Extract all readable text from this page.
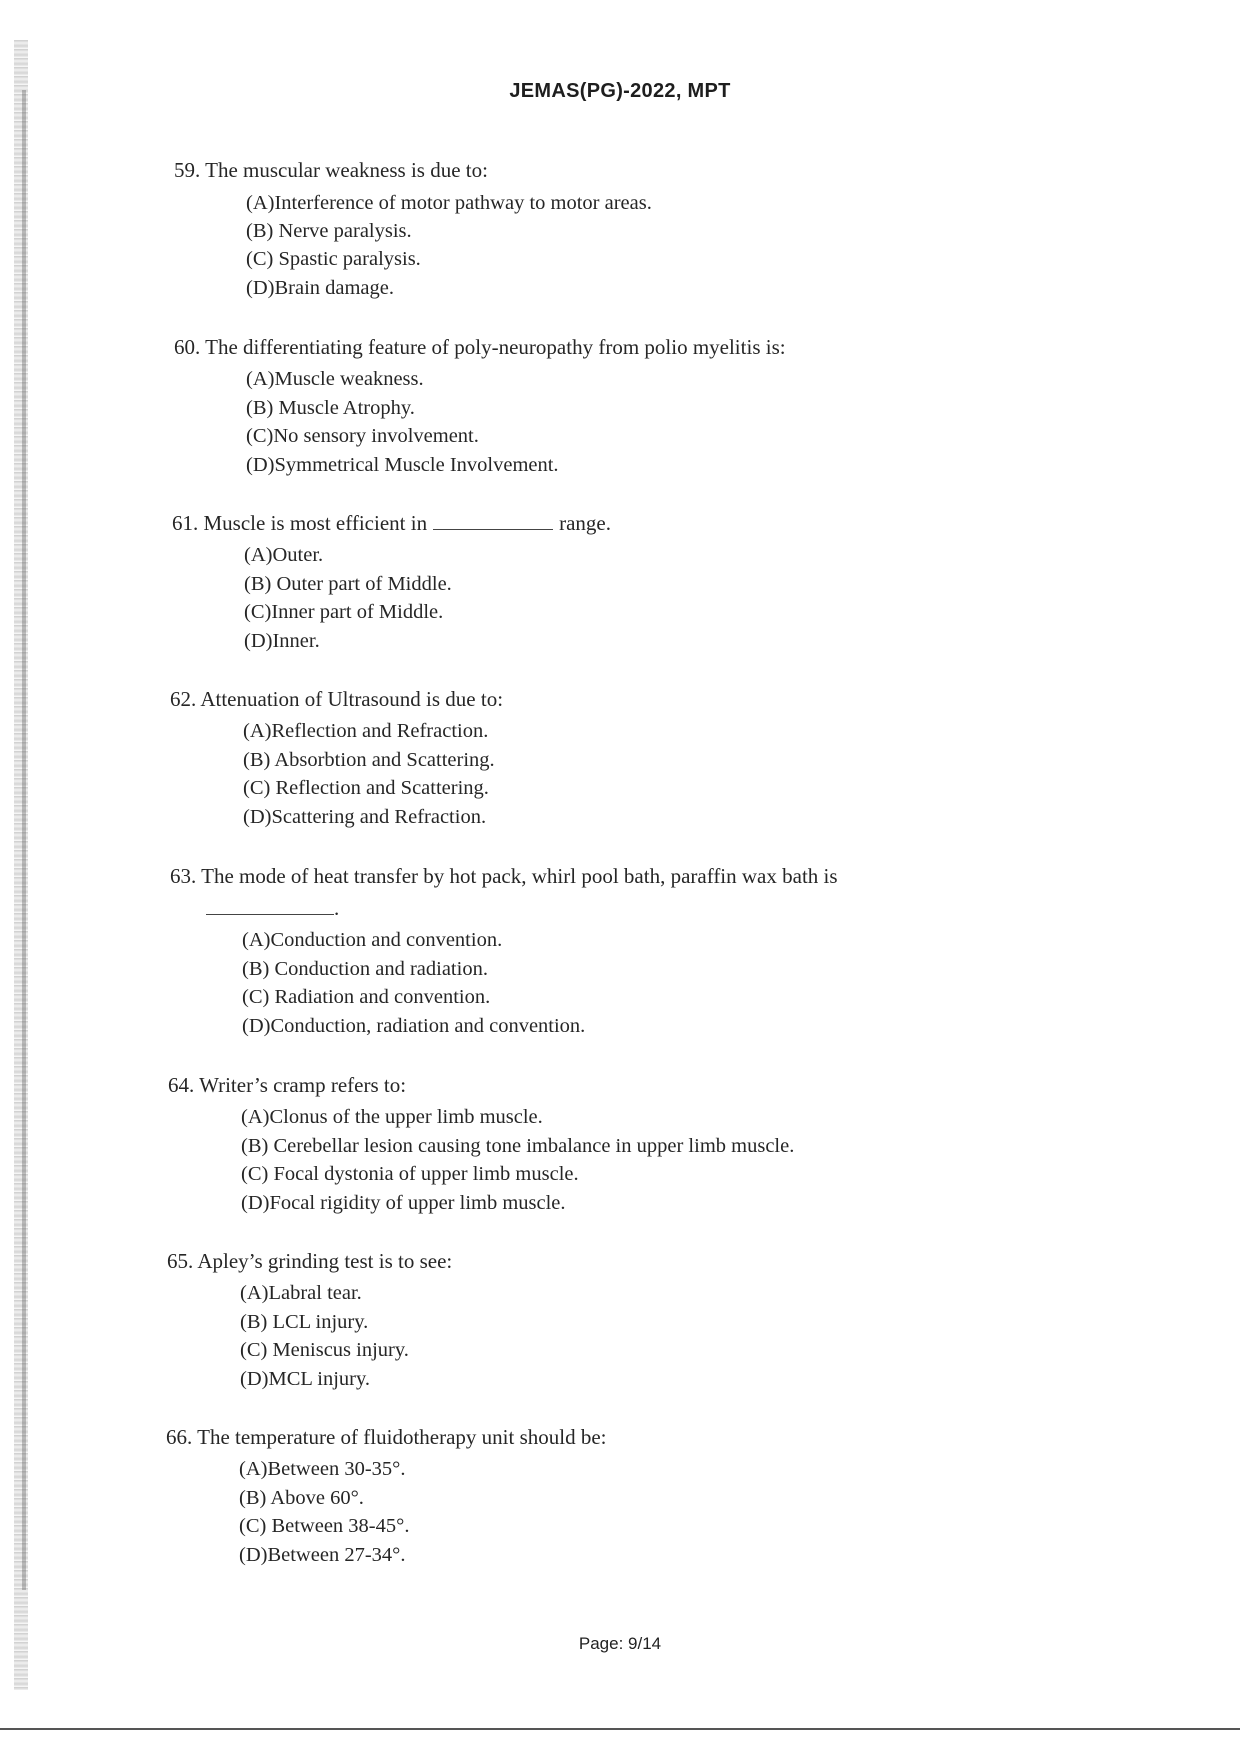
JEMAS(PG)-2022, MPT
59. The muscular weakness is due to:
(A)Interference of motor pathway to motor areas.
(B) Nerve paralysis.
(C) Spastic paralysis.
(D)Brain damage.
60. The differentiating feature of poly-neuropathy from polio myelitis is:
(A)Muscle weakness.
(B) Muscle Atrophy.
(C)No sensory involvement.
(D)Symmetrical Muscle Involvement.
61. Muscle is most efficient in	range.
(A)Outer.
(B) Outer part of Middle.
(C)Inner part of Middle.
(D)Inner.
62. Attenuation of Ultrasound is due to:
(A)Reflection and Refraction.
(B) Absorbtion and Scattering.
(C) Reflection and Scattering.
(D)Scattering and Refraction.
63. The mode of heat transfer by hot pack, whirl pool bath, paraffin wax bath is
.
(A)Conduction and convention.
(B) Conduction and radiation.
(C) Radiation and convention.
(D)Conduction, radiation and convention.
64. Writer’s cramp refers to:
(A)Clonus of the upper limb muscle.
(B) Cerebellar lesion causing tone imbalance in upper limb muscle.
(C) Focal dystonia of upper limb muscle.
(D)Focal rigidity of upper limb muscle.
65. Apley’s grinding test is to see:
(A)Labral tear.
(B) LCL injury.
(C) Meniscus injury.
(D)MCL injury.
66. The temperature of fluidotherapy unit should be:
(A)Between 30-35°.
(B) Above 60°.
(C) Between 38-45°.
(D)Between 27-34°.
Page: 9/14
